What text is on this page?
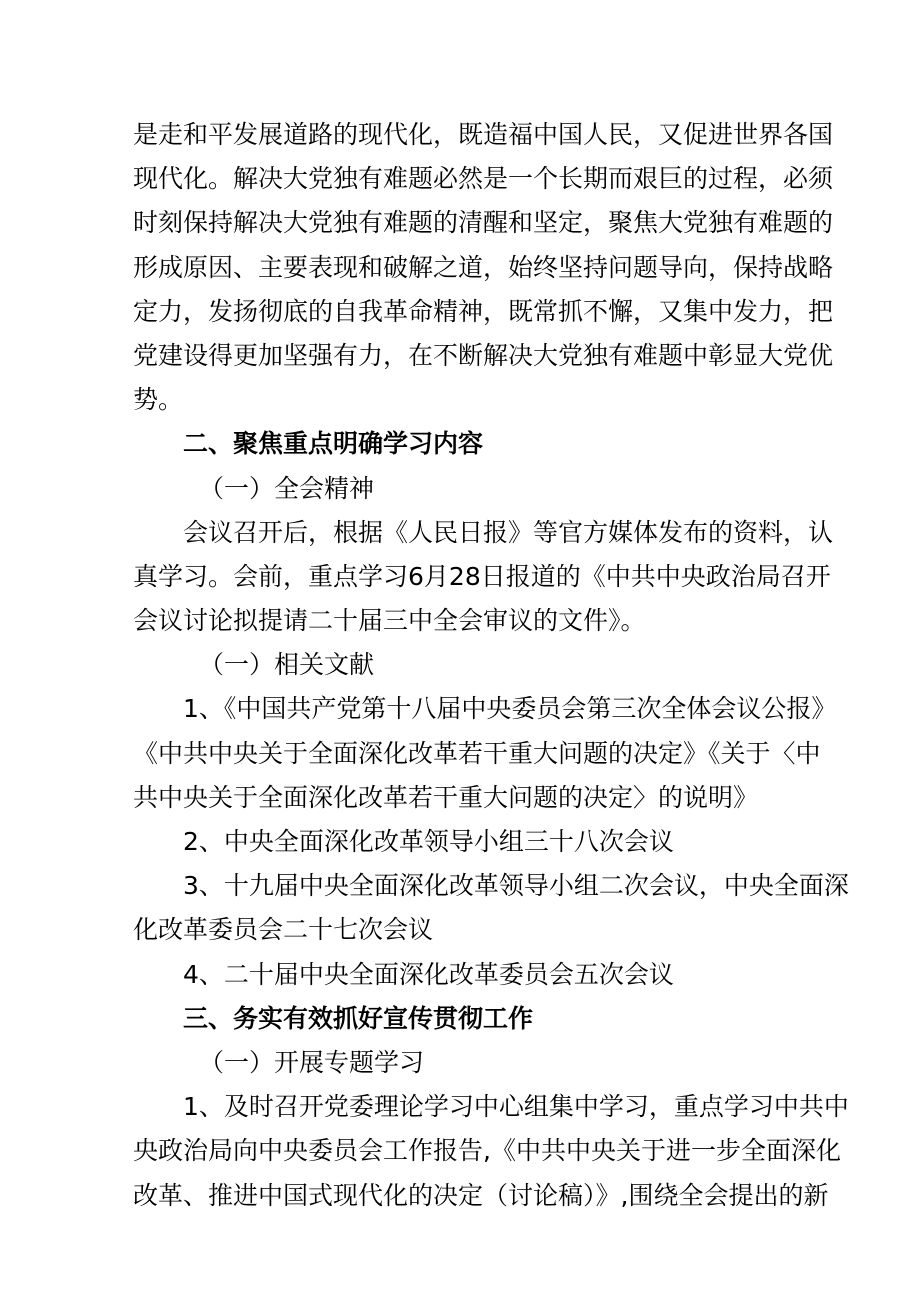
是走和平发展道路的现代化，既造福中国人民，又促进世界各国
现代化。解决大党独有难题必然是一个长期而艰巨的过程，必须
时刻保持解决大党独有难题的清醒和坚定，聚焦大党独有难题的
形成原因、主要表现和破解之道，始终坚持问题导向，保持战略
定力，发扬彻底的自我革命精神，既常抓不懈，又集中发力，把
党建设得更加坚强有力，在不断解决大党独有难题中彰显大党优
势。
二、聚焦重点明确学习内容
（一）全会精神
会议召开后，根据《人民日报》等官方媒体发布的资料，认
真学习。会前，重点学习6月28日报道的《中共中央政治局召开
会议讨论拟提请二十届三中全会审议的文件》。
（一）相关文献
1、《中国共产党第十八届中央委员会第三次全体会议公报》
《中共中央关于全面深化改革若干重大问题的决定》《关于〈中
共中央关于全面深化改革若干重大问题的决定〉的说明》
2、中央全面深化改革领导小组三十八次会议
3、十九届中央全面深化改革领导小组二次会议，中央全面深
化改革委员会二十七次会议
4、二十届中央全面深化改革委员会五次会议
三、务实有效抓好宣传贯彻工作
（一）开展专题学习
1、及时召开党委理论学习中心组集中学习，重点学习中共中
央政治局向中央委员会工作报告,《中共中央关于进一步全面深化
改革、推进中国式现代化的决定（讨论稿）》,围绕全会提出的新
